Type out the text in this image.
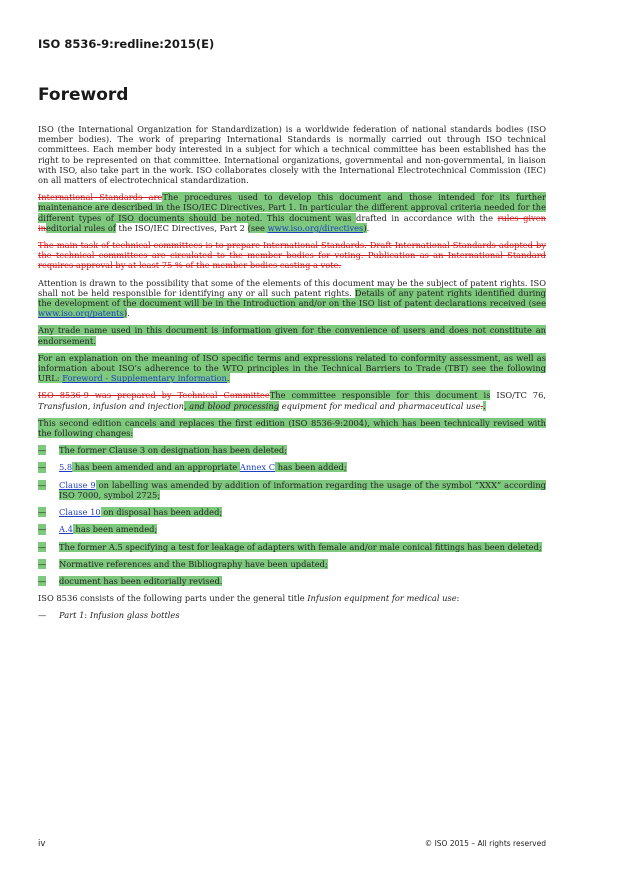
ISO 8536-9:redline:2015(E)
Foreword

ISO (the International Organization for Standardization) is a worldwide federation of national standards bodies (ISO member bodies). The work of preparing International Standards is normally carried out through ISO technical committees. Each member body interested in a subject for which a technical committee has been established has the right to be represented on that committee. International organizations, governmental and non-governmental, in liaison with ISO, also take part in the work. ISO collaborates closely with the International Electrotechnical Commission (IEC) on all matters of electrotechnical standardization.

International Standards areThe procedures used to develop this document and those intended for its further maintenance are described in the ISO/IEC Directives, Part 1. In particular the different approval criteria needed for the different types of ISO documents should be noted. This document was drafted in accordance with the rules given ineditorial rules of the ISO/IEC Directives, Part 2 (see www.iso.org/directives).

The main task of technical committees is to prepare International Standards. Draft International Standards adopted by the technical committees are circulated to the member bodies for voting. Publication as an International Standard requires approval by at least 75 % of the member bodies casting a vote.

Attention is drawn to the possibility that some of the elements of this document may be the subject of patent rights. ISO shall not be held responsible for identifying any or all such patent rights. Details of any patent rights identified during the development of the document will be in the Introduction and/or on the ISO list of patent declarations received (see www.iso.org/patents).

Any trade name used in this document is information given for the convenience of users and does not constitute an endorsement.

For an explanation on the meaning of ISO specific terms and expressions related to conformity assessment, as well as information about ISO’s adherence to the WTO principles in the Technical Barriers to Trade (TBT) see the following URL: Foreword - Supplementary information.

ISO 8536-9 was prepared by Technical CommitteeThe committee responsible for this document is ISO/TC 76, Transfusion, infusion and injection, and blood processing equipment for medical and pharmaceutical use..

This second edition cancels and replaces the first edition (ISO 8536-9:2004), which has been technically revised with the following changes:

— The former Clause 3 on designation has been deleted;

— 5.8 has been amended and an appropriate Annex C has been added;

— Clause 9 on labelling was amended by addition of information regarding the usage of the symbol “XXX” according ISO 7000, symbol 2725;

— Clause 10 on disposal has been added;

— A.4 has been amended;

— The former A.5 specifying a test for leakage of adapters with female and/or male conical fittings has been deleted;

— Normative references and the Bibliography have been updated;

— document has been editorially revised.

ISO 8536 consists of the following parts under the general title Infusion equipment for medical use:

— Part 1: Infusion glass bottles

iv	© ISO 2015 – All rights reserved
